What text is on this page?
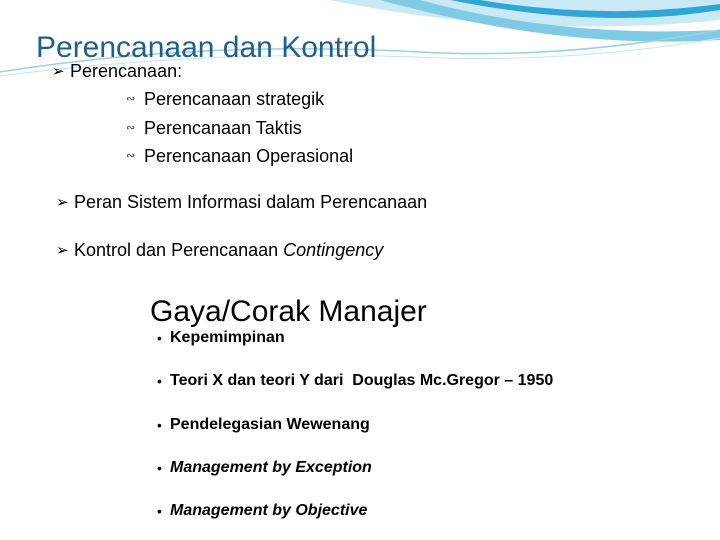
Perencanaan dan Kontrol
➢ Perencanaan:
∾ Perencanaan strategik
∾ Perencanaan Taktis
∾ Perencanaan Operasional
➢ Peran Sistem Informasi dalam Perencanaan
➢ Kontrol dan Perencanaan Contingency
Gaya/Corak Manajer
• Kepemimpinan
• Teori X dan teori Y dari  Douglas Mc.Gregor – 1950
• Pendelegasian Wewenang
• Management by Exception
• Management by Objective
